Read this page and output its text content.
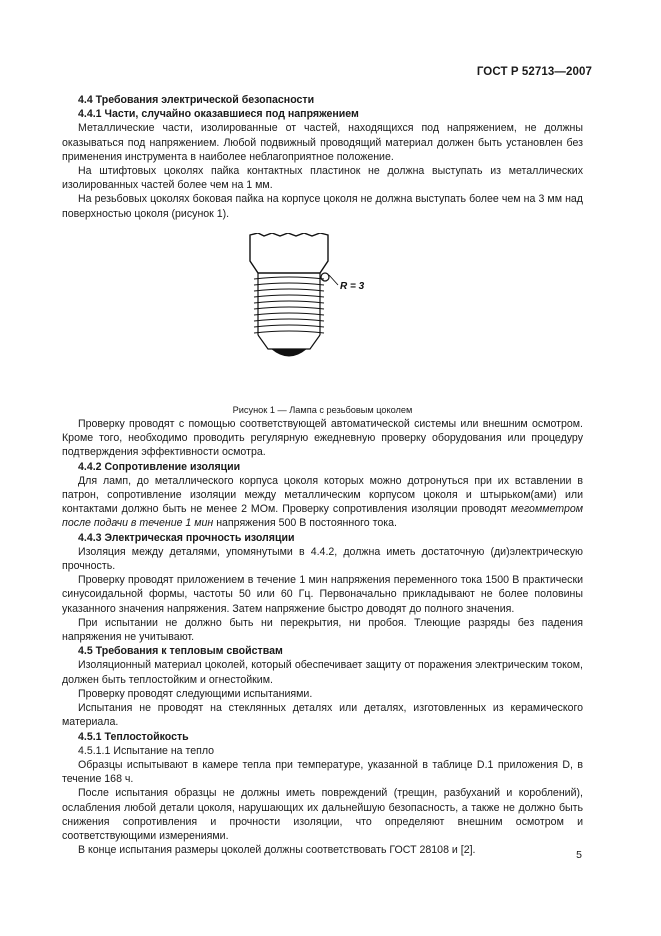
ГОСТ Р 52713—2007

4.4 Требования электрической безопасности

4.4.1 Части, случайно оказавшиеся под напряжением

Металлические части, изолированные от частей, находящихся под напряжением, не должны оказываться под напряжением. Любой подвижный проводящий материал должен быть установлен без применения инструмента в наиболее неблагоприятное положение.

На штифтовых цоколях пайка контактных пластинок не должна выступать из металлических изолированных частей более чем на 1 мм.

На резьбовых цоколях боковая пайка на корпусе цоколя не должна выступать более чем на 3 мм над поверхностью цоколя (рисунок 1).

R = 3

Рисунок 1 — Лампа с резьбовым цоколем

Проверку проводят с помощью соответствующей автоматической системы или внешним осмотром. Кроме того, необходимо проводить регулярную ежедневную проверку оборудования или процедуру подтверждения эффективности осмотра.

4.4.2 Сопротивление изоляции

Для ламп, до металлического корпуса цоколя которых можно дотронуться при их вставлении в патрон, сопротивление изоляции между металлическим корпусом цоколя и штырьком(ами) или контактами должно быть не менее 2 МОм. Проверку сопротивления изоляции проводят мегомметром после подачи в течение 1 мин напряжения 500 В постоянного тока.

4.4.3 Электрическая прочность изоляции

Изоляция между деталями, упомянутыми в 4.4.2, должна иметь достаточную (ди)электрическую прочность.

Проверку проводят приложением в течение 1 мин напряжения переменного тока 1500 В практически синусоидальной формы, частоты 50 или 60 Гц. Первоначально прикладывают не более половины указанного значения напряжения. Затем напряжение быстро доводят до полного значения.

При испытании не должно быть ни перекрытия, ни пробоя. Тлеющие разряды без падения напряжения не учитывают.

4.5 Требования к тепловым свойствам

Изоляционный материал цоколей, который обеспечивает защиту от поражения электрическим током, должен быть теплостойким и огнестойким.

Проверку проводят следующими испытаниями.

Испытания не проводят на стеклянных деталях или деталях, изготовленных из керамического материала.

4.5.1 Теплостойкость

4.5.1.1 Испытание на тепло

Образцы испытывают в камере тепла при температуре, указанной в таблице D.1 приложения D, в течение 168 ч.

После испытания образцы не должны иметь повреждений (трещин, разбуханий и короблений), ослабления любой детали цоколя, нарушающих их дальнейшую безопасность, а также не должно быть снижения сопротивления и прочности изоляции, что определяют внешним осмотром и соответствующими измерениями.

В конце испытания размеры цоколей должны соответствовать ГОСТ 28108 и [2].	5
